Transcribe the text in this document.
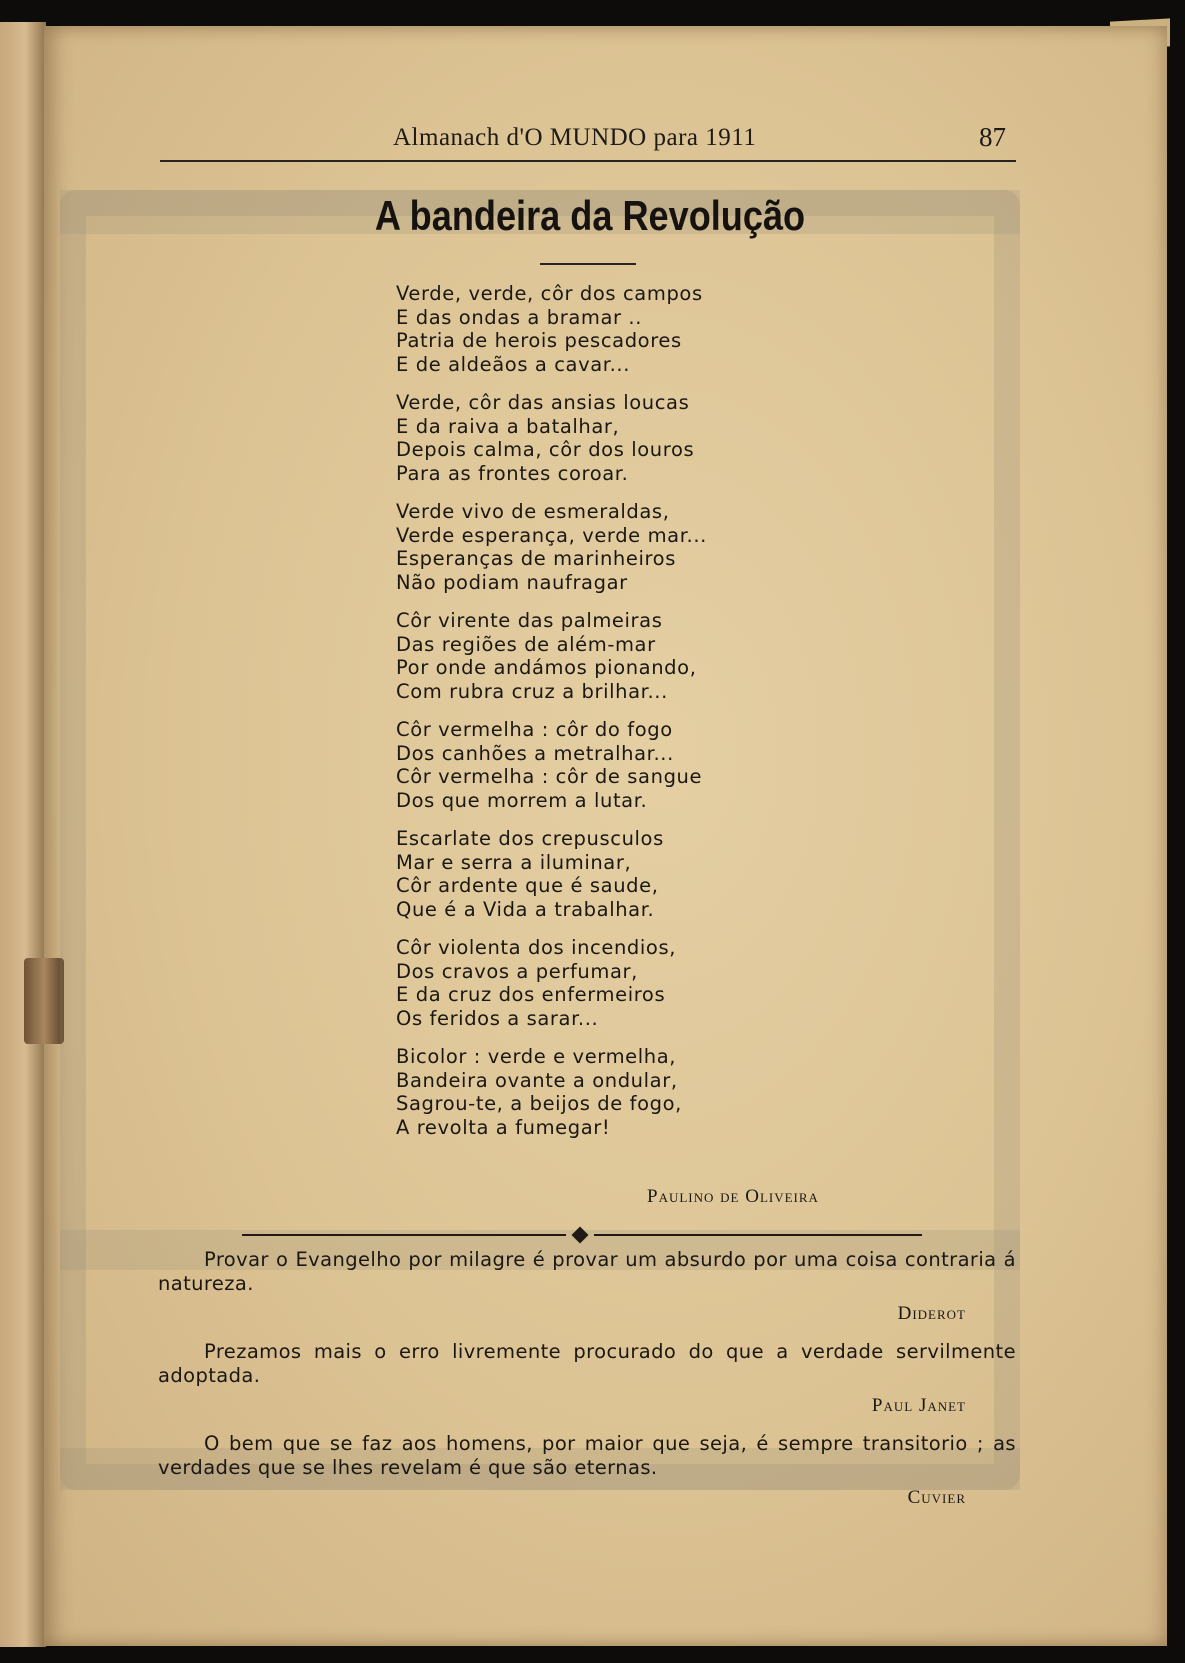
Almanach d'O MUNDO para 1911	87
A bandeira da Revolução
Verde, verde, côr dos campos
E das ondas a bramar ..
Patria de herois pescadores
E de aldeãos a cavar...
Verde, côr das ansias loucas
E da raiva a batalhar,
Depois calma, côr dos louros
Para as frontes coroar.
Verde vivo de esmeraldas,
Verde esperança, verde mar...
Esperanças de marinheiros
Não podiam naufragar
Côr virente das palmeiras
Das regiões de além-mar
Por onde andámos pionando,
Com rubra cruz a brilhar...
Côr vermelha : côr do fogo
Dos canhões a metralhar...
Côr vermelha : côr de sangue
Dos que morrem a lutar.
Escarlate dos crepusculos
Mar e serra a iluminar,
Côr ardente que é saude,
Que é a Vida a trabalhar.
Côr violenta dos incendios,
Dos cravos a perfumar,
E da cruz dos enfermeiros
Os feridos a sarar...
Bicolor : verde e vermelha,
Bandeira ovante a ondular,
Sagrou-te, a beijos de fogo,
A revolta a fumegar!
Paulino de Oliveira

Provar o Evangelho por milagre é provar um absurdo por uma coisa contraria á natureza.

Diderot

Prezamos mais o erro livremente procurado do que a verdade servilmente adoptada.

Paul Janet

O bem que se faz aos homens, por maior que seja, é sempre transitorio ; as verdades que se lhes revelam é que são eternas.

Cuvier
